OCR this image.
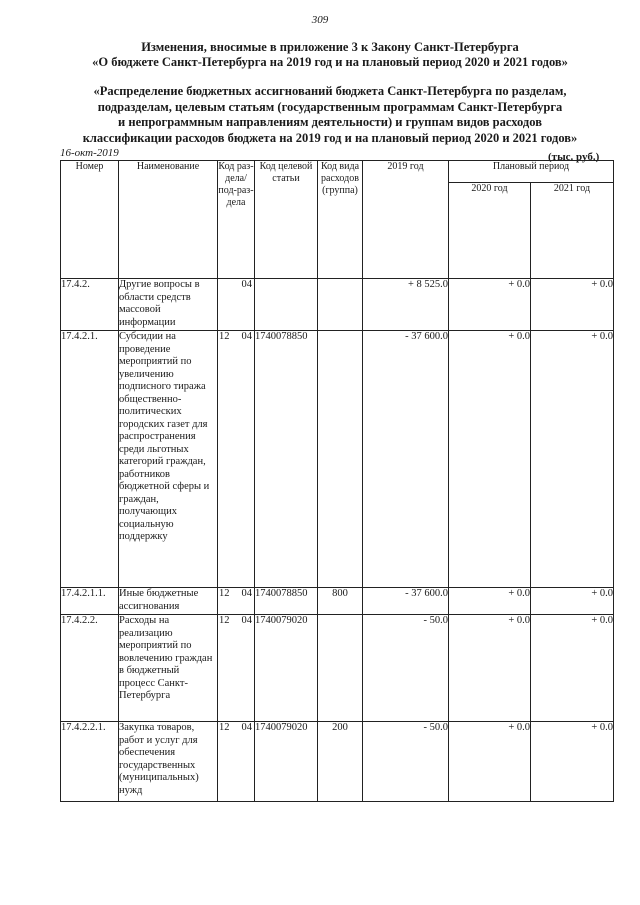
309
Изменения, вносимые в приложение 3 к Закону Санкт-Петербурга
«О бюджете Санкт-Петербурга на 2019 год и на плановый период 2020 и 2021 годов»
«Распределение бюджетных ассигнований бюджета Санкт-Петербурга по разделам,
подразделам, целевым статьям (государственным программам Санкт-Петербурга
и непрограммным направлениям деятельности) и группам видов расходов
классификации расходов бюджета на 2019 год и на плановый период 2020 и 2021 годов»
16-окт-2019	(тыс. руб.)
Номер	Наименование	Код раз-дела/ под-раз-дела	Код целевой статьи	Код вида расходов (группа)	2019 год	Плановый период	
						2020 год	2021 год
17.4.2.	Другие вопросы в области средств массовой информации	04			+ 8 525.0	+ 0.0	+ 0.0
17.4.2.1.	Субсидии на проведение мероприятий по увеличению подписного тиража общественно-политических городских газет для распространения среди льготных категорий граждан, работников бюджетной сферы и граждан, получающих социальную поддержку	12 04	1740078850		- 37 600.0	+ 0.0	+ 0.0
17.4.2.1.1.	Иные бюджетные ассигнования	12 04	1740078850	800	- 37 600.0	+ 0.0	+ 0.0
17.4.2.2.	Расходы на реализацию мероприятий по вовлечению граждан в бюджетный процесс Санкт-Петербурга	12 04	1740079020		- 50.0	+ 0.0	+ 0.0
17.4.2.2.1.	Закупка товаров, работ и услуг для обеспечения государственных (муниципальных) нужд	12 04	1740079020	200	- 50.0	+ 0.0	+ 0.0
